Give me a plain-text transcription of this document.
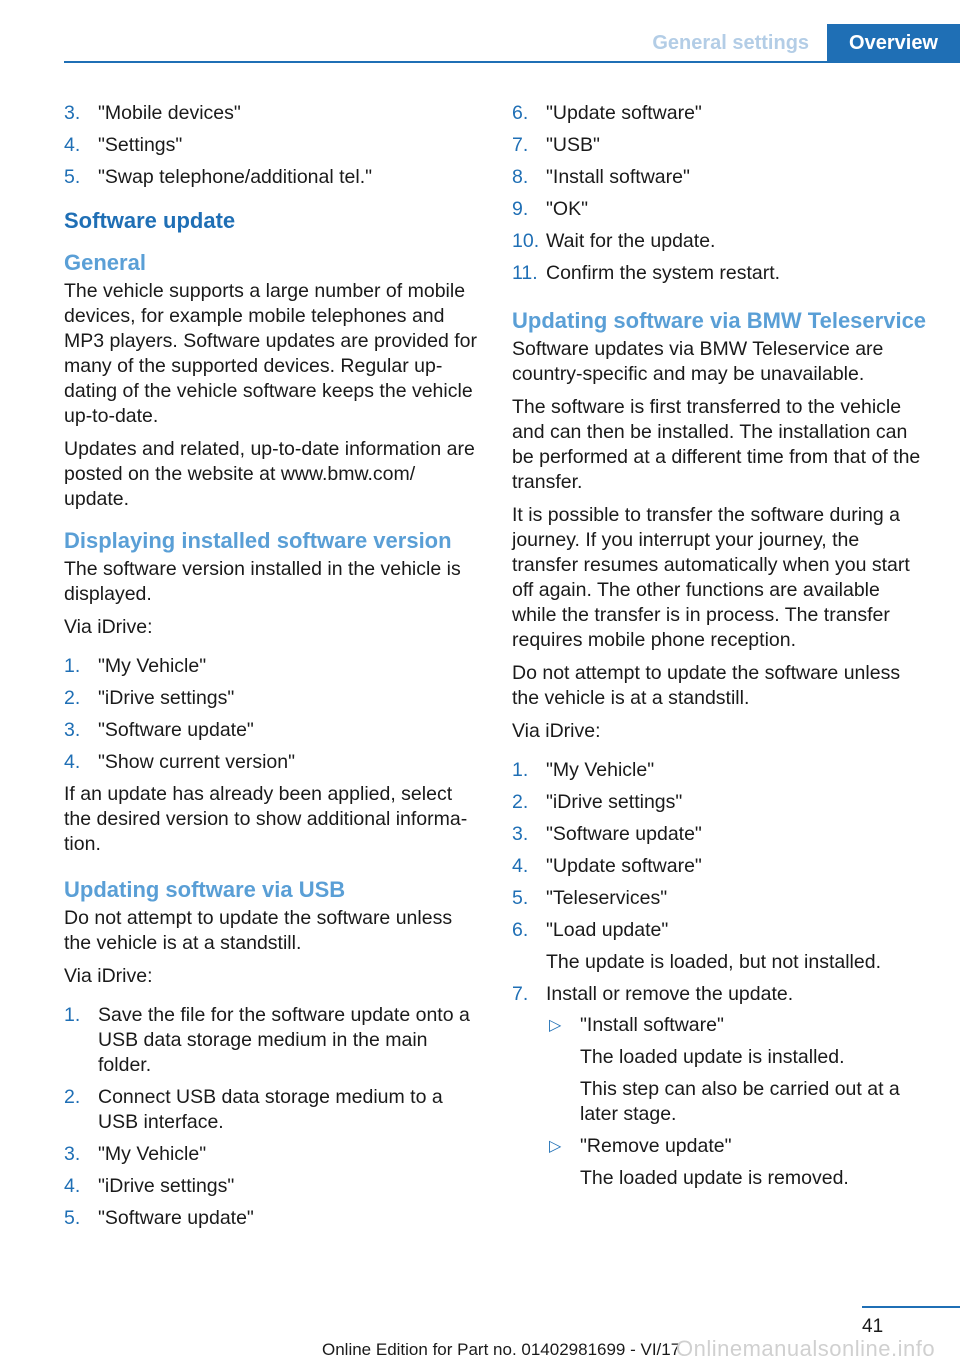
General settings	Overview
3. "Mobile devices"
4. "Settings"
5. "Swap telephone/additional tel."
Software update
General

The vehicle supports a large number of mobile devices, for example mobile telephones and MP3 players. Software updates are provided for many of the supported devices. Regular updating of the vehicle software keeps the vehicle up-to-date.

Updates and related, up-to-date information are posted on the website at www.bmw.com/ update.

Displaying installed software version

The software version installed in the vehicle is displayed.

Via iDrive:

1. "My Vehicle"
2. "iDrive settings"
3. "Software update"
4. "Show current version"

If an update has already been applied, select the desired version to show additional information.

Updating software via USB

Do not attempt to update the software unless the vehicle is at a standstill.

Via iDrive:

1. Save the file for the software update onto a USB data storage medium in the main folder.
2. Connect USB data storage medium to a USB interface.
3. "My Vehicle"
4. "iDrive settings"
5. "Software update"
6. "Update software"
7. "USB"
8. "Install software"
9. "OK"
10. Wait for the update.
11. Confirm the system restart.
Updating software via BMW Teleservice

Software updates via BMW Teleservice are country-specific and may be unavailable.

The software is first transferred to the vehicle and can then be installed. The installation can be performed at a different time from that of the transfer.

It is possible to transfer the software during a journey. If you interrupt your journey, the transfer resumes automatically when you start off again. The other functions are available while the transfer is in process. The transfer requires mobile phone reception.

Do not attempt to update the software unless the vehicle is at a standstill.

Via iDrive:

1. "My Vehicle"
2. "iDrive settings"
3. "Software update"
4. "Update software"
5. "Teleservices"
6. "Load update"
The update is loaded, but not installed.
7. Install or remove the update.
▷ "Install software"
The loaded update is installed.
This step can also be carried out at a later stage.
▷ "Remove update"
The loaded update is removed.
41
Online Edition for Part no. 01402981699 - VI/17
Onlinemanualsonline.info
